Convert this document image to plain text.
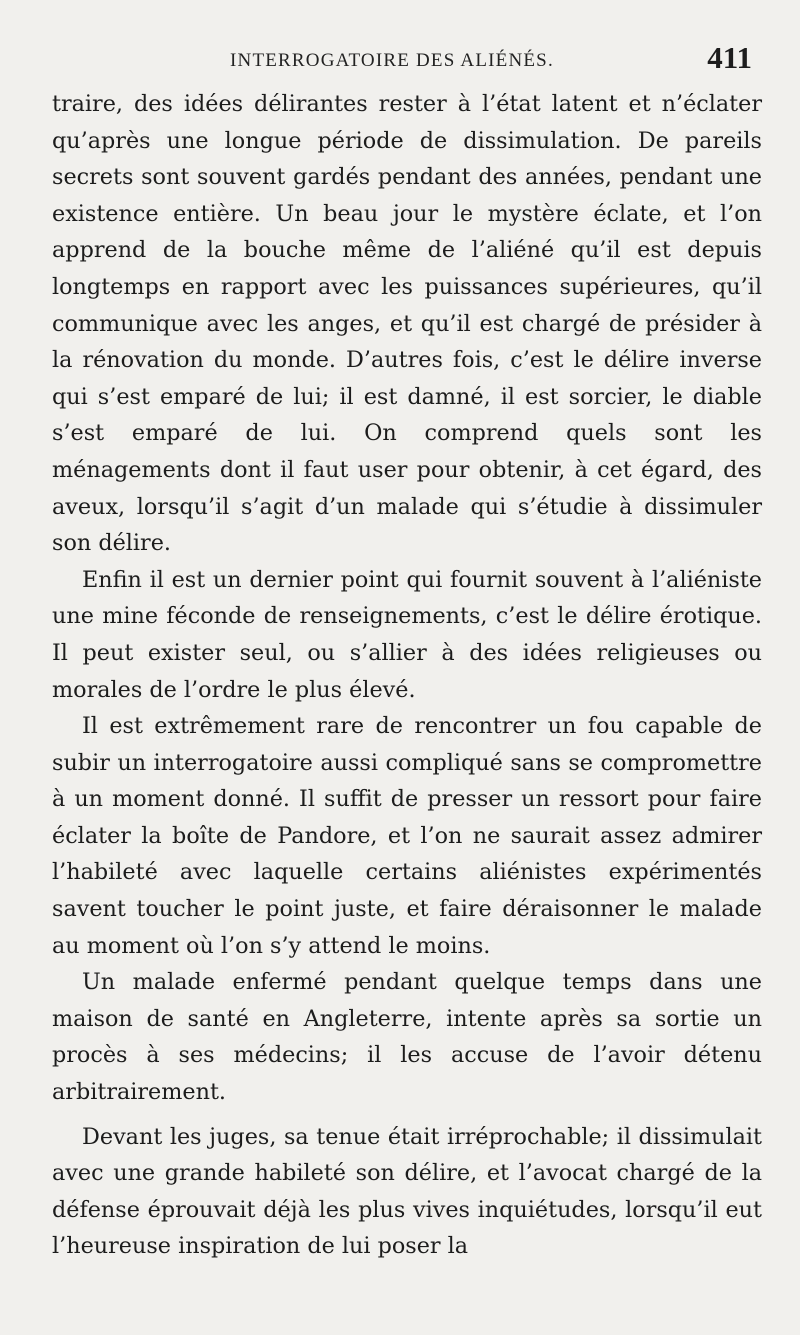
INTERROGATOIRE DES ALIÉNÉS.	411

traire, des idées délirantes rester à l’état latent et n’éclater qu’après une longue période de dissimulation. De pareils secrets sont souvent gardés pendant des années, pendant une existence entière. Un beau jour le mystère éclate, et l’on apprend de la bouche même de l’aliéné qu’il est depuis longtemps en rapport avec les puissances supérieures, qu’il communique avec les anges, et qu’il est chargé de présider à la rénovation du monde. D’autres fois, c’est le délire inverse qui s’est emparé de lui; il est damné, il est sorcier, le diable s’est emparé de lui. On comprend quels sont les ménagements dont il faut user pour obtenir, à cet égard, des aveux, lorsqu’il s’agit d’un malade qui s’étudie à dissimuler son délire.

Enfin il est un dernier point qui fournit souvent à l’aliéniste une mine féconde de renseignements, c’est le délire érotique. Il peut exister seul, ou s’allier à des idées religieuses ou morales de l’ordre le plus élevé.

Il est extrêmement rare de rencontrer un fou capable de subir un interrogatoire aussi compliqué sans se compromettre à un moment donné. Il suffit de presser un ressort pour faire éclater la boîte de Pandore, et l’on ne saurait assez admirer l’habileté avec laquelle certains aliénistes expérimentés savent toucher le point juste, et faire déraisonner le malade au moment où l’on s’y attend le moins.

Un malade enfermé pendant quelque temps dans une maison de santé en Angleterre, intente après sa sortie un procès à ses médecins; il les accuse de l’avoir détenu arbitrairement.

Devant les juges, sa tenue était irréprochable; il dissimulait avec une grande habileté son délire, et l’avocat chargé de la défense éprouvait déjà les plus vives inquiétudes, lorsqu’il eut l’heureuse inspiration de lui poser la
